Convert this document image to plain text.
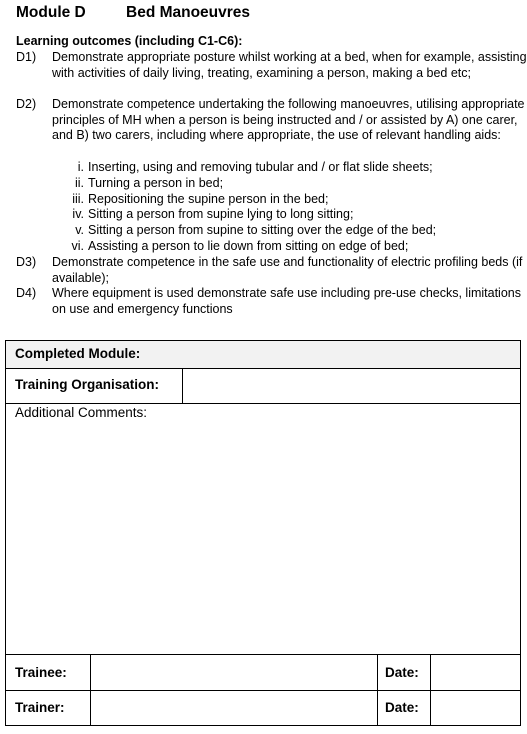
Module D	Bed Manoeuvres
Learning outcomes (including C1-C6):
D1)	Demonstrate appropriate posture whilst working at a bed, when for example, assisting with activities of daily living, treating, examining a person, making a bed etc;
D2)	Demonstrate competence undertaking the following manoeuvres, utilising appropriate principles of MH when a person is being instructed and / or assisted by A) one carer, and B) two carers, including where appropriate, the use of relevant handling aids:
i. Inserting, using and removing tubular and / or flat slide sheets;
ii. Turning a person in bed;
iii. Repositioning the supine person in the bed;
iv. Sitting a person from supine lying to long sitting;
v. Sitting a person from supine to sitting over the edge of the bed;
vi. Assisting a person to lie down from sitting on edge of bed;
D3)	Demonstrate competence in the safe use and functionality of electric profiling beds (if available);
D4)	Where equipment is used demonstrate safe use including pre-use checks, limitations on use and emergency functions
Completed Module:
Training Organisation:
Additional Comments:
Trainee:	Date:
Trainer:	Date:
